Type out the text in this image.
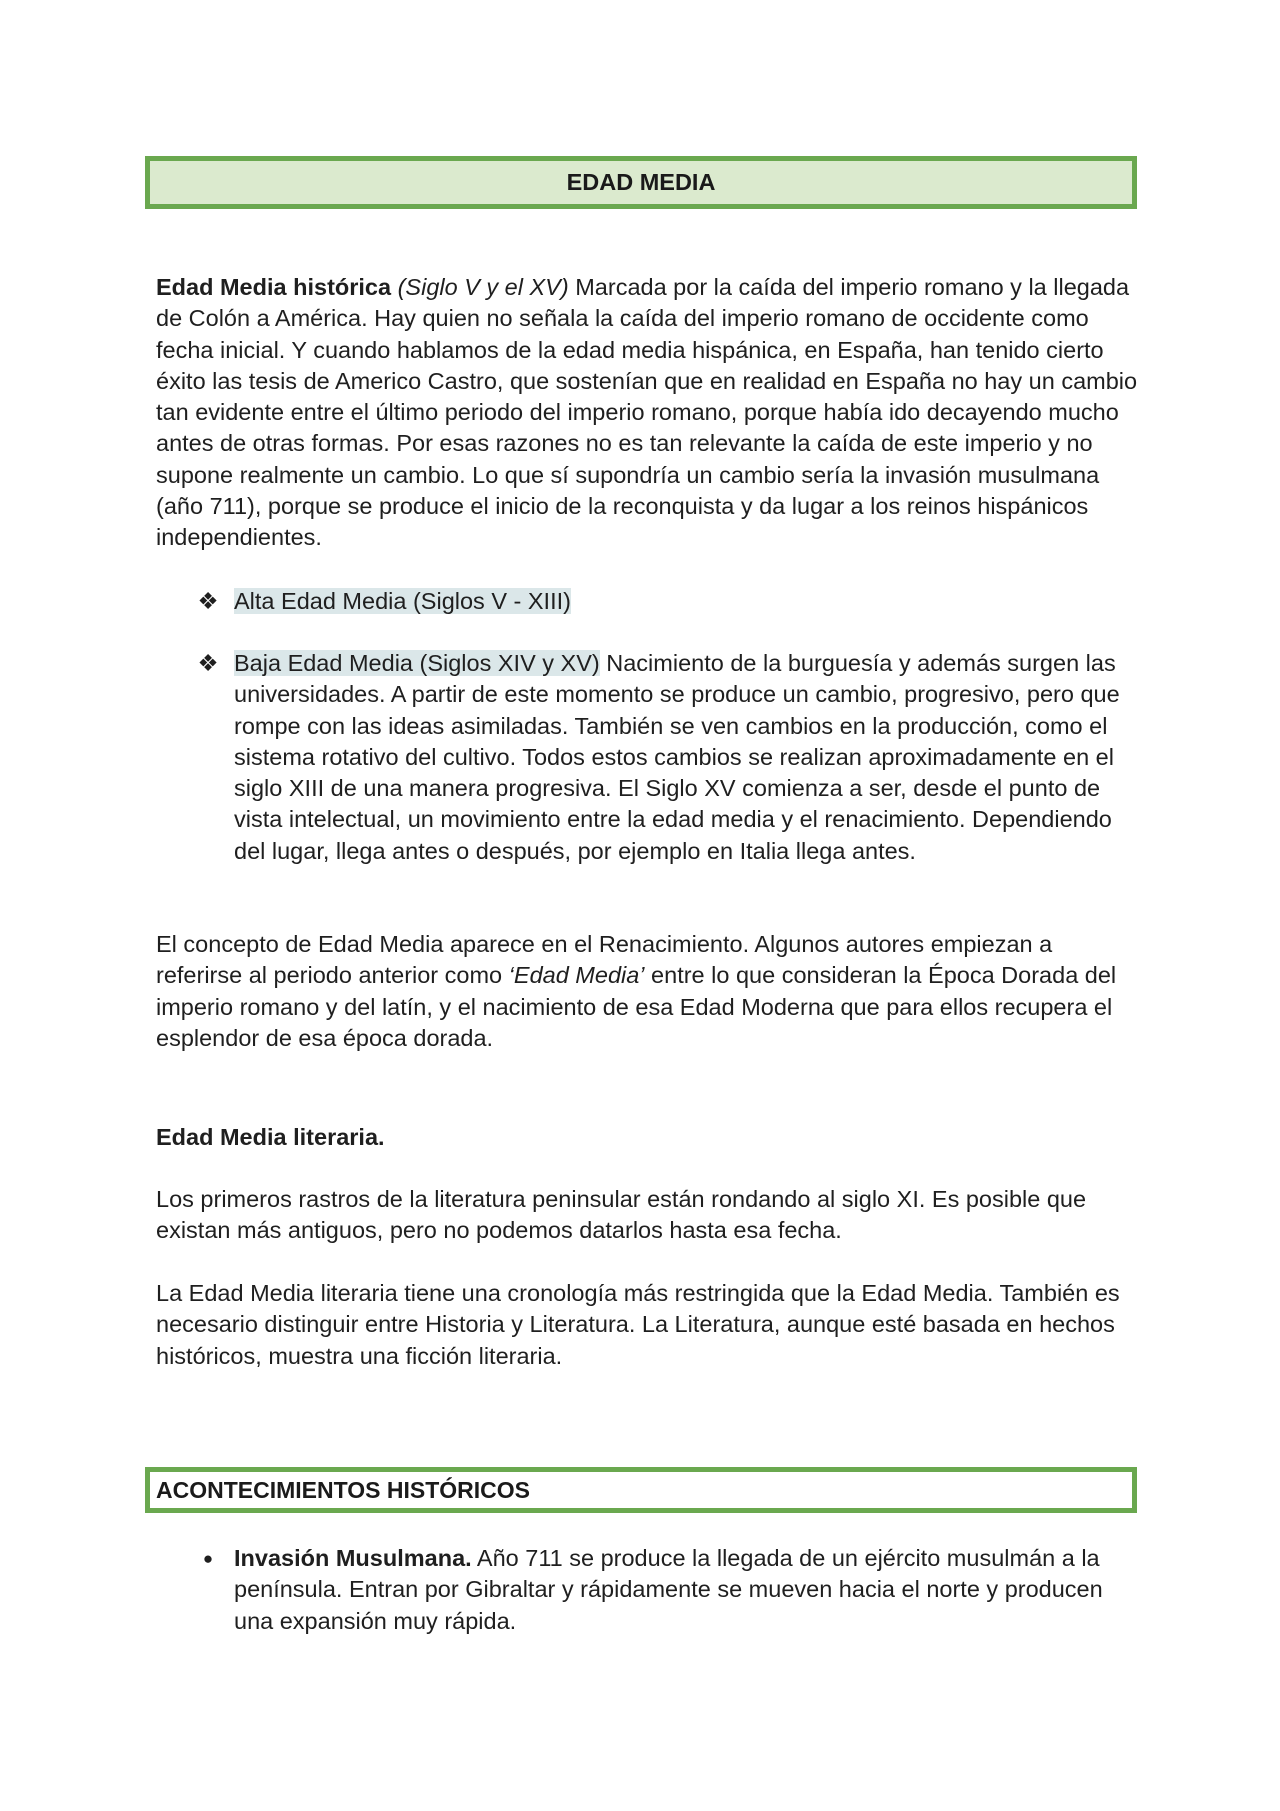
EDAD MEDIA

Edad Media histórica (Siglo V y el XV) Marcada por la caída del imperio romano y la llegada de Colón a América. Hay quien no señala la caída del imperio romano de occidente como fecha inicial. Y cuando hablamos de la edad media hispánica, en España, han tenido cierto éxito las tesis de Americo Castro, que sostenían que en realidad en España no hay un cambio tan evidente entre el último periodo del imperio romano, porque había ido decayendo mucho antes de otras formas. Por esas razones no es tan relevante la caída de este imperio y no supone realmente un cambio. Lo que sí supondría un cambio sería la invasión musulmana (año 711), porque se produce el inicio de la reconquista y da lugar a los reinos hispánicos independientes.

❖ Alta Edad Media (Siglos V - XIII)
❖ Baja Edad Media (Siglos XIV y XV) Nacimiento de la burguesía y además surgen las universidades. A partir de este momento se produce un cambio, progresivo, pero que rompe con las ideas asimiladas. También se ven cambios en la producción, como el sistema rotativo del cultivo. Todos estos cambios se realizan aproximadamente en el siglo XIII de una manera progresiva. El Siglo XV comienza a ser, desde el punto de vista intelectual, un movimiento entre la edad media y el renacimiento. Dependiendo del lugar, llega antes o después, por ejemplo en Italia llega antes.

El concepto de Edad Media aparece en el Renacimiento. Algunos autores empiezan a referirse al periodo anterior como ‘Edad Media’ entre lo que consideran la Época Dorada del imperio romano y del latín, y el nacimiento de esa Edad Moderna que para ellos recupera el esplendor de esa época dorada.

Edad Media literaria.

Los primeros rastros de la literatura peninsular están rondando al siglo XI. Es posible que existan más antiguos, pero no podemos datarlos hasta esa fecha.

La Edad Media literaria tiene una cronología más restringida que la Edad Media. También es necesario distinguir entre Historia y Literatura. La Literatura, aunque esté basada en hechos históricos, muestra una ficción literaria.

ACONTECIMIENTOS HISTÓRICOS
● Invasión Musulmana. Año 711 se produce la llegada de un ejército musulmán a la península. Entran por Gibraltar y rápidamente se mueven hacia el norte y producen una expansión muy rápida.
